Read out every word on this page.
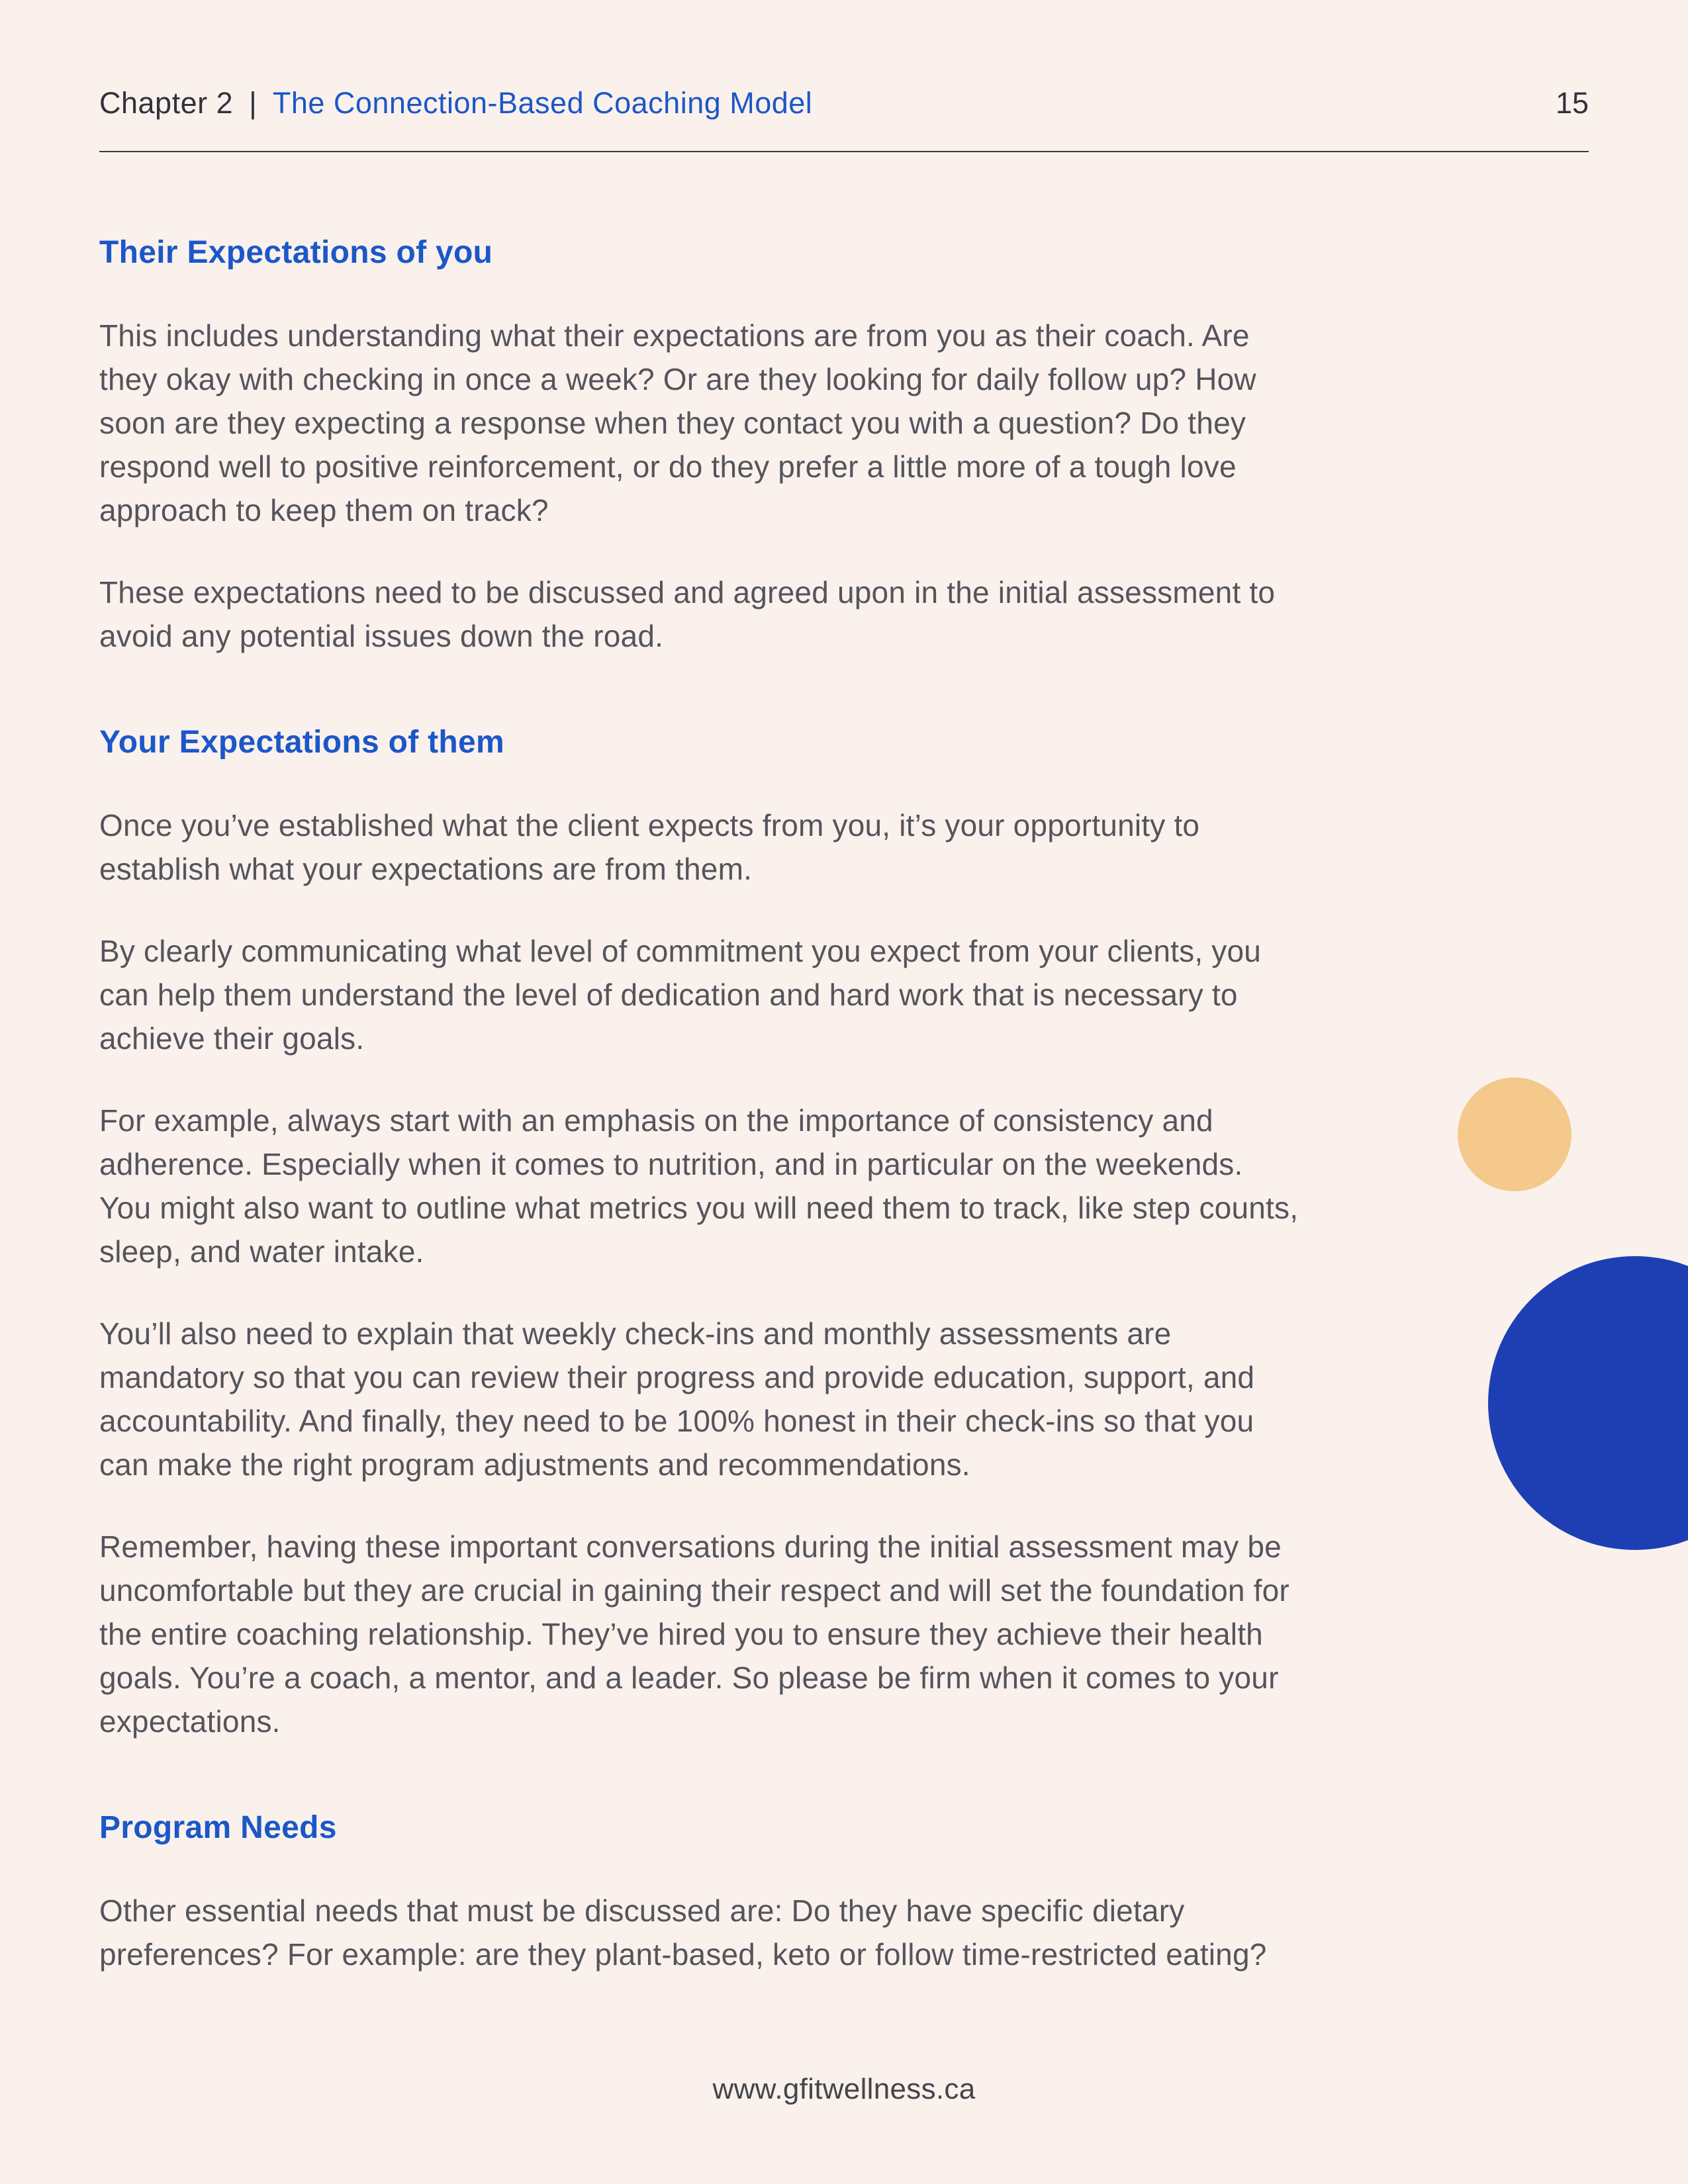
Chapter 2 | The Connection-Based Coaching Model	15
Their Expectations of you

This includes understanding what their expectations are from you as their coach. Are they okay with checking in once a week? Or are they looking for daily follow up? How soon are they expecting a response when they contact you with a question? Do they respond well to positive reinforcement, or do they prefer a little more of a tough love approach to keep them on track?

These expectations need to be discussed and agreed upon in the initial assessment to avoid any potential issues down the road.

Your Expectations of them

Once you’ve established what the client expects from you, it’s your opportunity to establish what your expectations are from them.

By clearly communicating what level of commitment you expect from your clients, you can help them understand the level of dedication and hard work that is necessary to achieve their goals.

For example, always start with an emphasis on the importance of consistency and adherence. Especially when it comes to nutrition, and in particular on the weekends. You might also want to outline what metrics you will need them to track, like step counts, sleep, and water intake.

You’ll also need to explain that weekly check-ins and monthly assessments are mandatory so that you can review their progress and provide education, support, and accountability. And finally, they need to be 100% honest in their check-ins so that you can make the right program adjustments and recommendations.

Remember, having these important conversations during the initial assessment may be uncomfortable but they are crucial in gaining their respect and will set the foundation for the entire coaching relationship. They’ve hired you to ensure they achieve their health goals. You’re a coach, a mentor, and a leader. So please be firm when it comes to your expectations.

Program Needs

Other essential needs that must be discussed are: Do they have specific dietary preferences? For example: are they plant-based, keto or follow time-restricted eating?

www.gfitwellness.ca
